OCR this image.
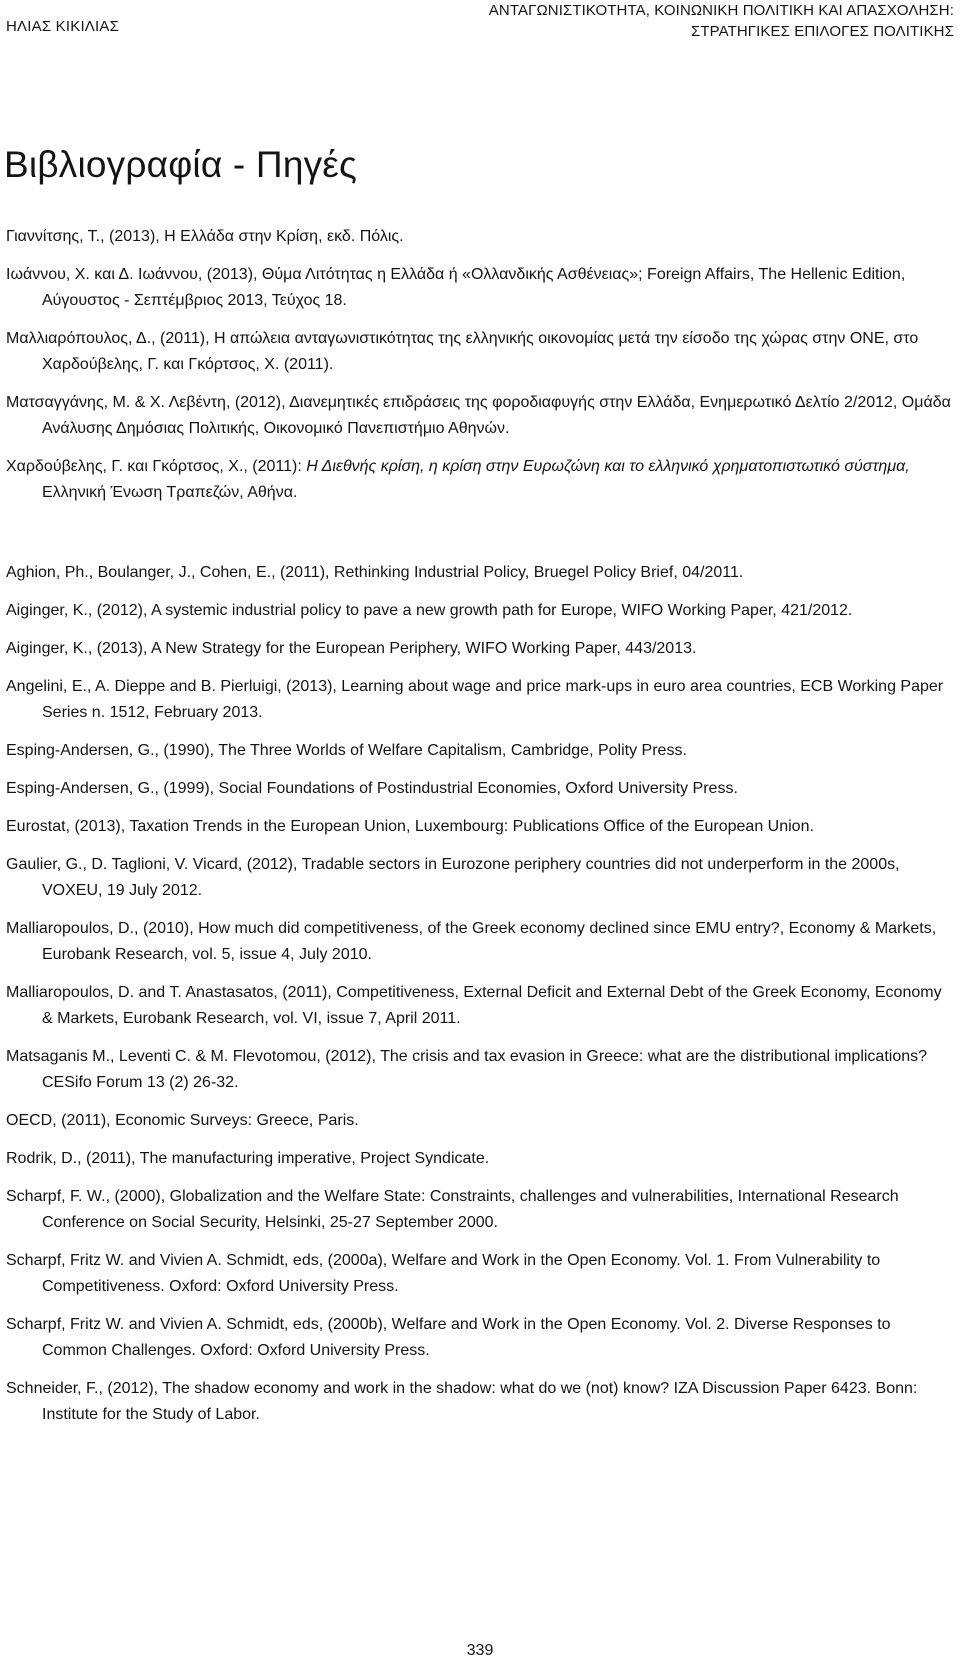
ΗΛΙΑΣ ΚΙΚΙΛΙΑΣ
ΑΝΤΑΓΩΝΙΣΤΙΚΟΤΗΤΑ, ΚΟΙΝΩΝΙΚΗ ΠΟΛΙΤΙΚΗ ΚΑΙ ΑΠΑΣΧΟΛΗΣΗ:
ΣΤΡΑΤΗΓΙΚΕΣ ΕΠΙΛΟΓΕΣ ΠΟΛΙΤΙΚΗΣ
Βιβλιογραφία - Πηγές

Γιαννίτσης, Τ., (2013), Η Ελλάδα στην Κρίση, εκδ. Πόλις.

Ιωάννου, Χ. και Δ. Ιωάννου, (2013), Θύμα Λιτότητας η Ελλάδα ή «Ολλανδικής Ασθένειας»; Foreign Affairs, The Hellenic Edition, Αύγουστος - Σεπτέμβριος 2013, Τεύχος 18.

Μαλλιαρόπουλος, Δ., (2011), Η απώλεια ανταγωνιστικότητας της ελληνικής οικονομίας μετά την είσοδο της χώρας στην ΟΝΕ, στο Χαρδούβελης, Γ. και Γκόρτσος, Χ. (2011).

Ματσαγγάνης, Μ. & Χ. Λεβέντη, (2012), Διανεμητικές επιδράσεις της φοροδιαφυγής στην Ελλάδα, Ενημερωτικό Δελτίο 2/2012, Ομάδα Ανάλυσης Δημόσιας Πολιτικής, Οικονομικό Πανεπιστήμιο Αθηνών.

Χαρδούβελης, Γ. και Γκόρτσος, Χ., (2011): Η Διεθνής κρίση, η κρίση στην Ευρωζώνη και το ελληνικό χρηματοπιστωτικό σύστημα, Ελληνική Ένωση Τραπεζών, Αθήνα.

Aghion, Ph., Boulanger, J., Cohen, E., (2011), Rethinking Industrial Policy, Bruegel Policy Brief, 04/2011.

Aiginger, K., (2012), A systemic industrial policy to pave a new growth path for Europe, WIFO Working Paper, 421/2012.

Aiginger, K., (2013), A New Strategy for the European Periphery, WIFO Working Paper, 443/2013.

Angelini, E., A. Dieppe and B. Pierluigi, (2013), Learning about wage and price mark-ups in euro area countries, ECB Working Paper Series n. 1512, February 2013.

Esping-Andersen, G., (1990), The Three Worlds of Welfare Capitalism, Cambridge, Polity Press.

Esping-Andersen, G., (1999), Social Foundations of Postindustrial Economies, Oxford University Press.

Eurostat, (2013), Taxation Trends in the European Union, Luxembourg: Publications Office of the European Union.

Gaulier, G., D. Taglioni, V. Vicard, (2012), Tradable sectors in Eurozone periphery countries did not underperform in the 2000s, VOXEU, 19 July 2012.

Malliaropoulos, D., (2010), How much did competitiveness, of the Greek economy declined since EMU entry?, Economy & Markets, Eurobank Research, vol. 5, issue 4, July 2010.

Malliaropoulos, D. and T. Anastasatos, (2011), Competitiveness, External Deficit and External Debt of the Greek Economy, Economy & Markets, Eurobank Research, vol. VI, issue 7, April 2011.

Matsaganis M., Leventi C. & M. Flevotomou, (2012), The crisis and tax evasion in Greece: what are the distributional implications? CESifo Forum 13 (2) 26-32.

OECD, (2011), Economic Surveys: Greece, Paris.

Rodrik, D., (2011), The manufacturing imperative, Project Syndicate.

Scharpf, F. W., (2000), Globalization and the Welfare State: Constraints, challenges and vulnerabilities, International Research Conference on Social Security, Helsinki, 25-27 September 2000.

Scharpf, Fritz W. and Vivien A. Schmidt, eds, (2000a), Welfare and Work in the Open Economy. Vol. 1. From Vulnerability to Competitiveness. Oxford: Oxford University Press.

Scharpf, Fritz W. and Vivien A. Schmidt, eds, (2000b), Welfare and Work in the Open Economy. Vol. 2. Diverse Responses to Common Challenges. Oxford: Oxford University Press.

Schneider, F., (2012), The shadow economy and work in the shadow: what do we (not) know? IZA Discussion Paper 6423. Bonn: Institute for the Study of Labor.

339
